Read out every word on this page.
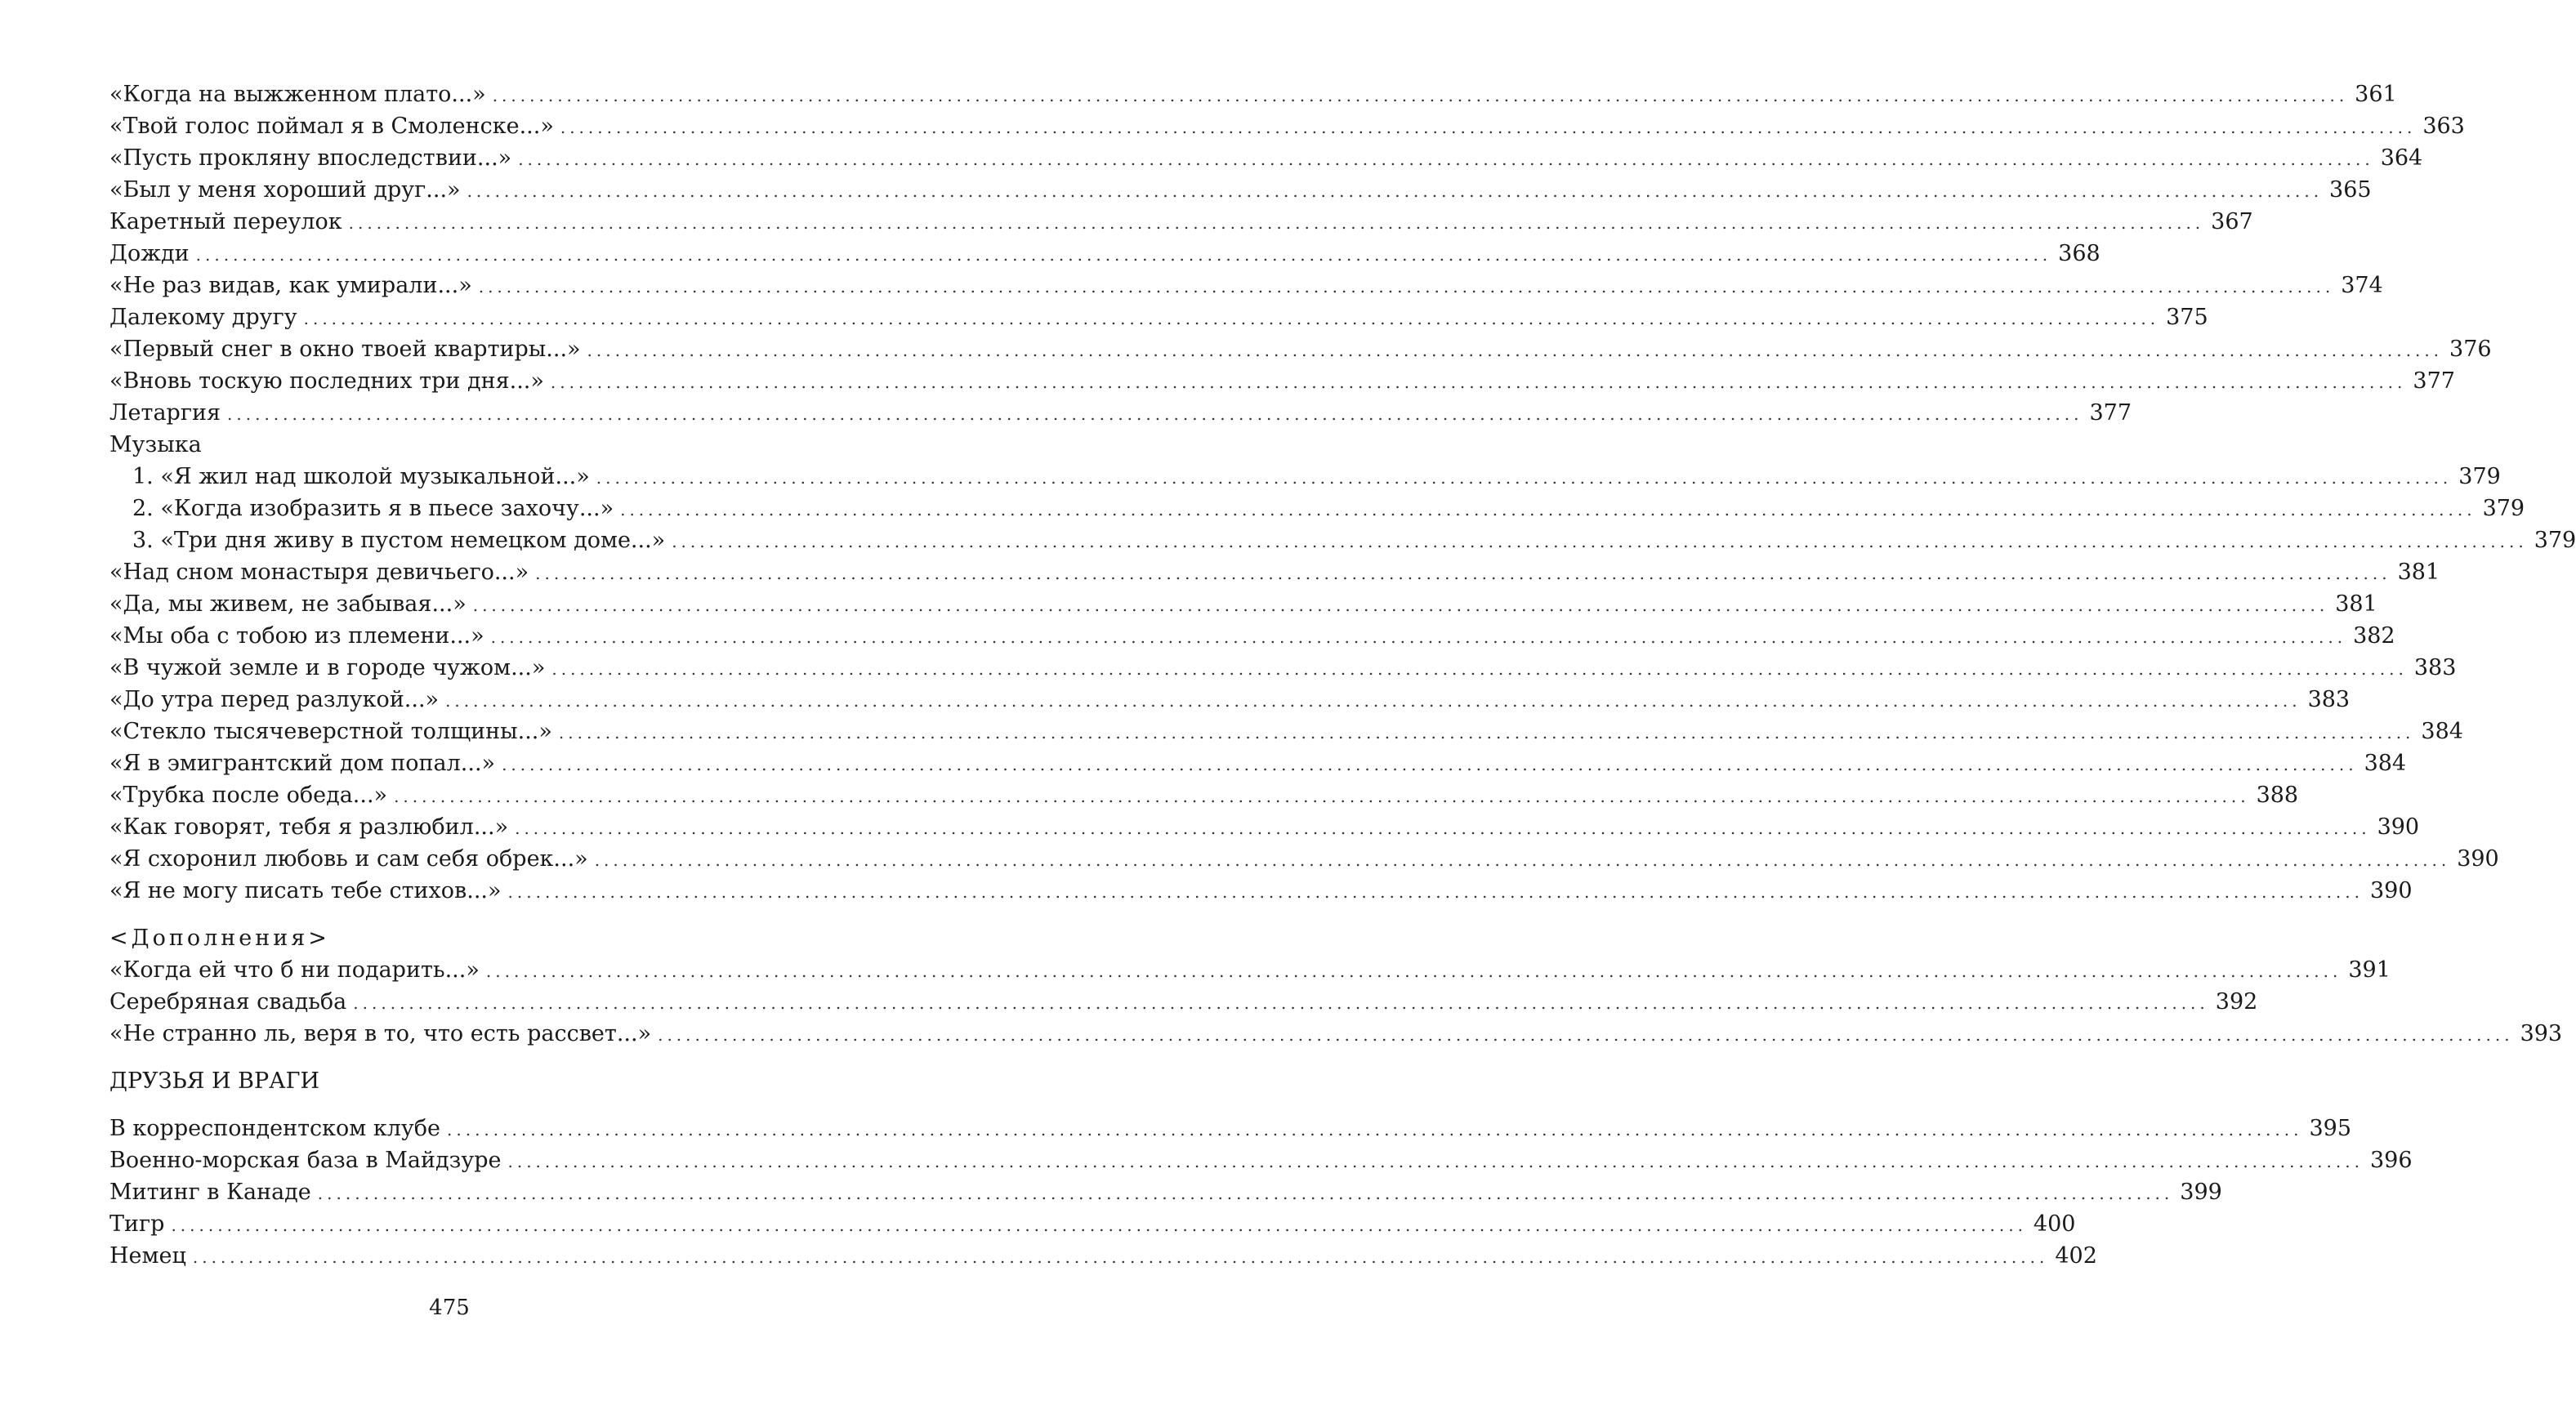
«Когда на выжженном плато...» ........................................................................................................................................................................................................ 361
«Твой голос поймал я в Смоленске...» ........................................................................................................................................................................................................ 363
«Пусть прокляну впоследствии...» ........................................................................................................................................................................................................ 364
«Был у меня хороший друг...» ........................................................................................................................................................................................................ 365
Каретный переулок ........................................................................................................................................................................................................ 367
Дожди ........................................................................................................................................................................................................ 368
«Не раз видав, как умирали...» ........................................................................................................................................................................................................ 374
Далекому другу ........................................................................................................................................................................................................ 375
«Первый снег в окно твоей квартиры...» ........................................................................................................................................................................................................ 376
«Вновь тоскую последних три дня...» ........................................................................................................................................................................................................ 377
Летаргия ........................................................................................................................................................................................................ 377
Музыка
1. «Я жил над школой музыкальной...» ........................................................................................................................................................................................................ 379
2. «Когда изобразить я в пьесе захочу...» ........................................................................................................................................................................................................ 379
3. «Три дня живу в пустом немецком доме...» ........................................................................................................................................................................................................ 379
«Над сном монастыря девичьего...» ........................................................................................................................................................................................................ 381
«Да, мы живем, не забывая...» ........................................................................................................................................................................................................ 381
«Мы оба с тобою из племени...» ........................................................................................................................................................................................................ 382
«В чужой земле и в городе чужом...» ........................................................................................................................................................................................................ 383
«До утра перед разлукой...» ........................................................................................................................................................................................................ 383
«Стекло тысячеверстной толщины...» ........................................................................................................................................................................................................ 384
«Я в эмигрантский дом попал...» ........................................................................................................................................................................................................ 384
«Трубка после обеда...» ........................................................................................................................................................................................................ 388
«Как говорят, тебя я разлюбил...» ........................................................................................................................................................................................................ 390
«Я схоронил любовь и сам себя обрек...» ........................................................................................................................................................................................................ 390
«Я не могу писать тебе стихов...» ........................................................................................................................................................................................................ 390
<Дополнения>
«Когда ей что б ни подарить...» ........................................................................................................................................................................................................ 391
Серебряная свадьба ........................................................................................................................................................................................................ 392
«Не странно ль, веря в то, что есть рассвет...» ........................................................................................................................................................................................................ 393
ДРУЗЬЯ И ВРАГИ
В корреспондентском клубе ........................................................................................................................................................................................................ 395
Военно-морская база в Майдзуре ........................................................................................................................................................................................................ 396
Митинг в Канаде ........................................................................................................................................................................................................ 399
Тигр ........................................................................................................................................................................................................ 400
Немец ........................................................................................................................................................................................................ 402
475
